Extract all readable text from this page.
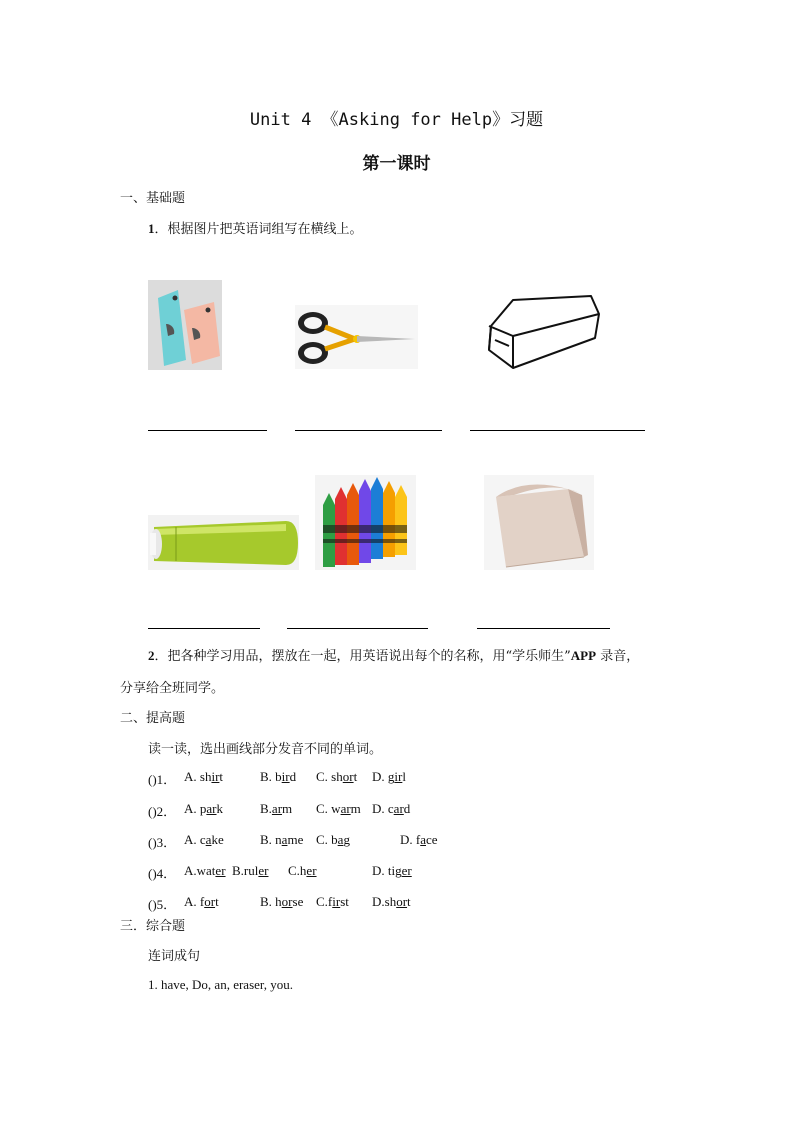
Unit 4 《Asking for Help》习题
第一课时
一、基础题
1．根据图片把英语词组写在横线上。
2．把各种学习用品，摆放在一起，用英语说出每个的名称，用“学乐师生”APP 录音，
分享给全班同学。
二、提高题
读一读，选出画线部分发音不同的单词。
()1． A. shirt	B. bird C. short D. girl
()2． A. park	B.arm C. warm D. card
()3． A. cake	B. name C. bag	D. face
()4． A.water B.ruler C.her	D. tiger
()5． A. fort	B. horse C.first D.short
三．综合题
连词成句
1. have, Do, an, eraser, you.
